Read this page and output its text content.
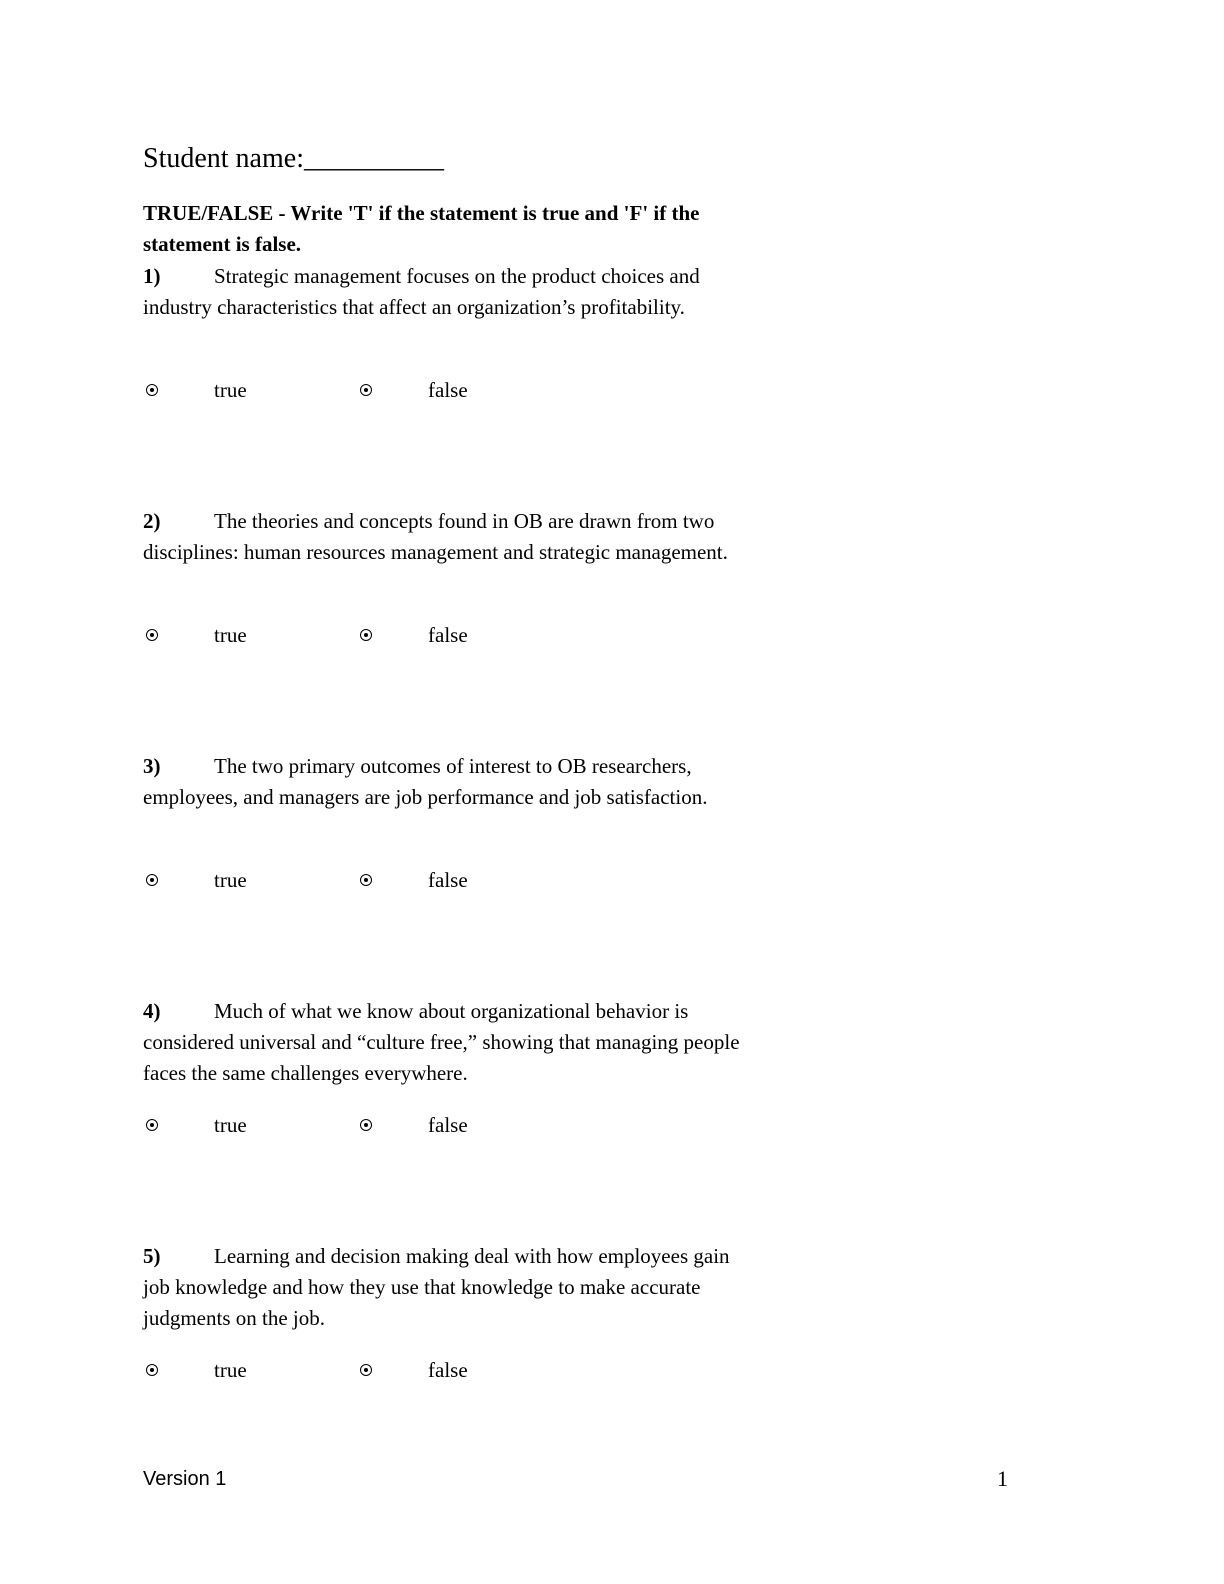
Student name:__________
TRUE/FALSE - Write 'T' if the statement is true and 'F' if the statement is false.
1)	Strategic management focuses on the product choices and industry characteristics that affect an organization’s profitability.
true	false
2)	The theories and concepts found in OB are drawn from two disciplines: human resources management and strategic management.
true	false
3)	The two primary outcomes of interest to OB researchers, employees, and managers are job performance and job satisfaction.
true	false
4)	Much of what we know about organizational behavior is considered universal and “culture free,” showing that managing people faces the same challenges everywhere.
true	false
5)	Learning and decision making deal with how employees gain job knowledge and how they use that knowledge to make accurate judgments on the job.
true	false
Version 1	1
